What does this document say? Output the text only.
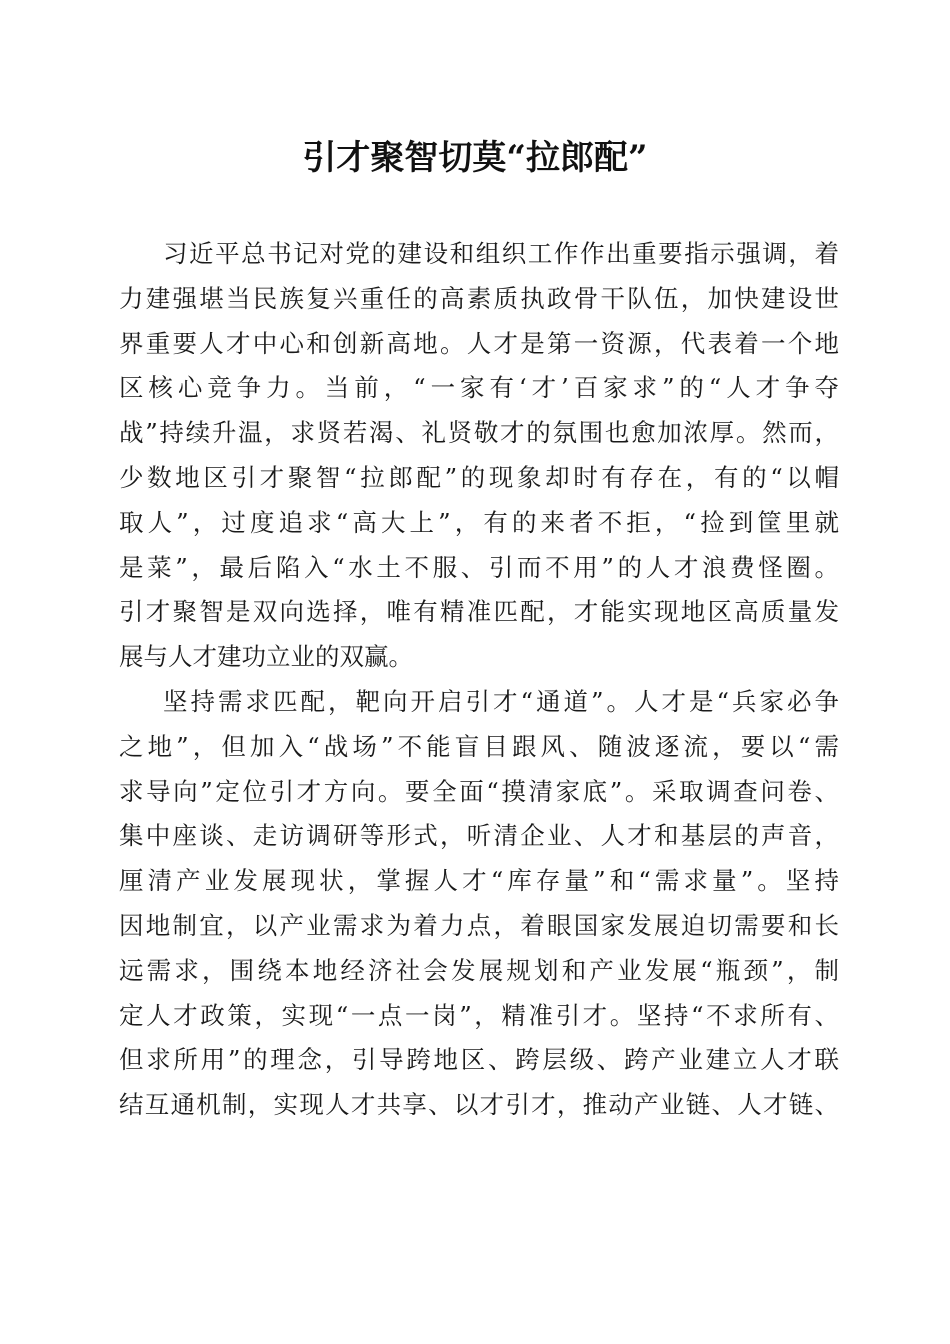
引才聚智切莫“拉郎配”
习近平总书记对党的建设和组织工作作出重要指示强调，着
力建强堪当民族复兴重任的高素质执政骨干队伍，加快建设世
界重要人才中心和创新高地。人才是第一资源，代表着一个地
区核心竞争力。当前，“一家有‘才’百家求”的“人才争夺
战”持续升温，求贤若渴、礼贤敬才的氛围也愈加浓厚。然而，
少数地区引才聚智“拉郎配”的现象却时有存在，有的“以帽
取人”，过度追求“高大上”，有的来者不拒，“捡到筐里就
是菜”，最后陷入“水土不服、引而不用”的人才浪费怪圈。
引才聚智是双向选择，唯有精准匹配，才能实现地区高质量发
展与人才建功立业的双赢。
坚持需求匹配，靶向开启引才“通道”。人才是“兵家必争
之地”，但加入“战场”不能盲目跟风、随波逐流，要以“需
求导向”定位引才方向。要全面“摸清家底”。采取调查问卷、
集中座谈、走访调研等形式，听清企业、人才和基层的声音，
厘清产业发展现状，掌握人才“库存量”和“需求量”。坚持
因地制宜，以产业需求为着力点，着眼国家发展迫切需要和长
远需求，围绕本地经济社会发展规划和产业发展“瓶颈”，制
定人才政策，实现“一点一岗”，精准引才。坚持“不求所有、
但求所用”的理念，引导跨地区、跨层级、跨产业建立人才联
结互通机制，实现人才共享、以才引才，推动产业链、人才链、
